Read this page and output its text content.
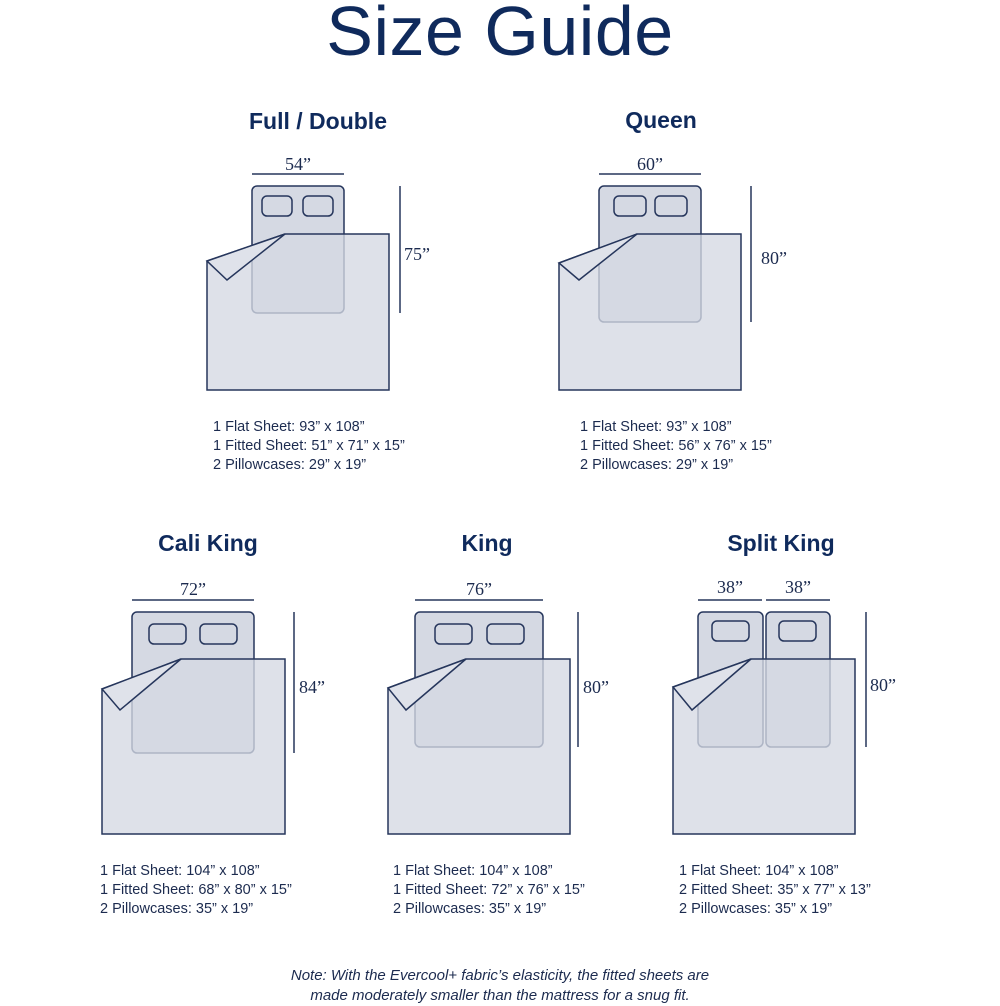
Size Guide
Full / Double	Queen
Cali King	King	Split King
54”
75”
60”
80”
72”
84”
76”
80”
38” 38”
80”
1 Flat Sheet: 93” x 108”
1 Fitted Sheet: 51” x 71” x 15”
2 Pillowcases: 29” x 19”
1 Flat Sheet: 93” x 108”
1 Fitted Sheet: 56” x 76” x 15”
2 Pillowcases: 29” x 19”
1 Flat Sheet: 104” x 108”
1 Fitted Sheet: 68” x 80” x 15”
2 Pillowcases: 35” x 19”
1 Flat Sheet: 104” x 108”
1 Fitted Sheet: 72” x 76” x 15”
2 Pillowcases: 35” x 19”
1 Flat Sheet: 104” x 108”
2 Fitted Sheet: 35” x 77” x 13”
2 Pillowcases: 35” x 19”
Note: With the Evercool+ fabric’s elasticity, the fitted sheets are
made moderately smaller than the mattress for a snug fit.
